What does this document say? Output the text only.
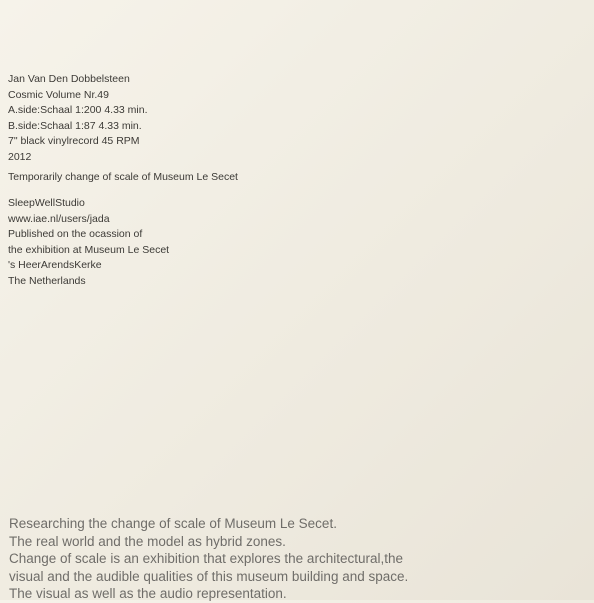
Jan Van Den Dobbelsteen
Cosmic Volume Nr.49
A.side:Schaal 1:200 4.33 min.
B.side:Schaal 1:87 4.33 min.
7" black vinylrecord 45 RPM
2012
Temporarily change of scale of Museum Le Secet
SleepWellStudio
www.iae.nl/users/jada
Published on the ocassion of
the exhibition at Museum Le Secet
's HeerArendsKerke
The Netherlands
Researching the change of scale of Museum Le Secet.
The real world and the model as hybrid zones.
Change of scale is an exhibition that explores the architectural,the
visual and the audible qualities of this museum building and space.
The visual as well as the audio representation.
